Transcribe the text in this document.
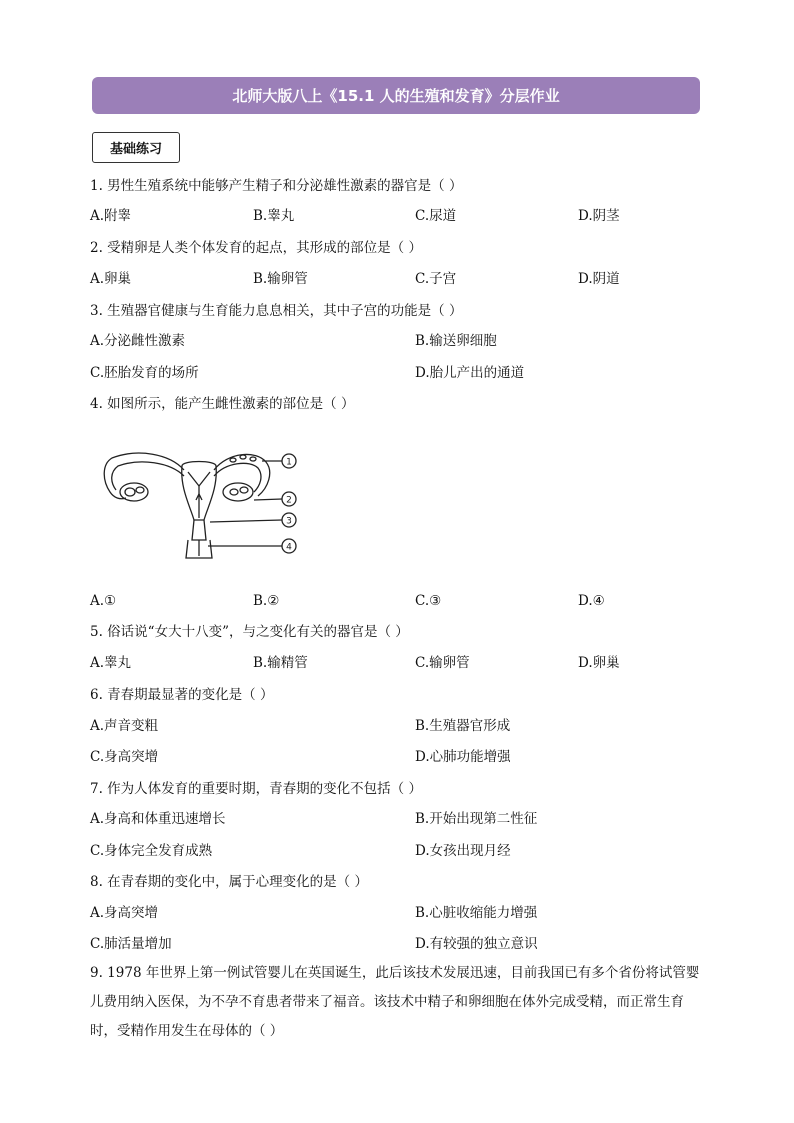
北师大版八上《15.1 人的生殖和发育》分层作业
基础练习
1. 男性生殖系统中能够产生精子和分泌雄性激素的器官是（ ）
A.附睾	B.睾丸	C.尿道	D.阴茎
2. 受精卵是人类个体发育的起点，其形成的部位是（ ）
A.卵巢	B.输卵管	C.子宫	D.阴道
3. 生殖器官健康与生育能力息息相关，其中子宫的功能是（ ）
A.分泌雌性激素	B.输送卵细胞
C.胚胎发育的场所	D.胎儿产出的通道
4. 如图所示，能产生雌性激素的部位是（ ）
1
2
3
4
A.①	B.②	C.③	D.④
5. 俗话说“女大十八变”，与之变化有关的器官是（ ）
A.睾丸	B.输精管	C.输卵管	D.卵巢
6. 青春期最显著的变化是（ ）
A.声音变粗	B.生殖器官形成
C.身高突增	D.心肺功能增强
7. 作为人体发育的重要时期，青春期的变化不包括（ ）
A.身高和体重迅速增长	B.开始出现第二性征
C.身体完全发育成熟	D.女孩出现月经
8. 在青春期的变化中，属于心理变化的是（ ）
A.身高突增	B.心脏收缩能力增强
C.肺活量增加	D.有较强的独立意识
9. 1978 年世界上第一例试管婴儿在英国诞生，此后该技术发展迅速，目前我国已有多个省份将试管婴儿费用纳入医保，为不孕不育患者带来了福音。该技术中精子和卵细胞在体外完成受精，而正常生育时，受精作用发生在母体的（ ）
